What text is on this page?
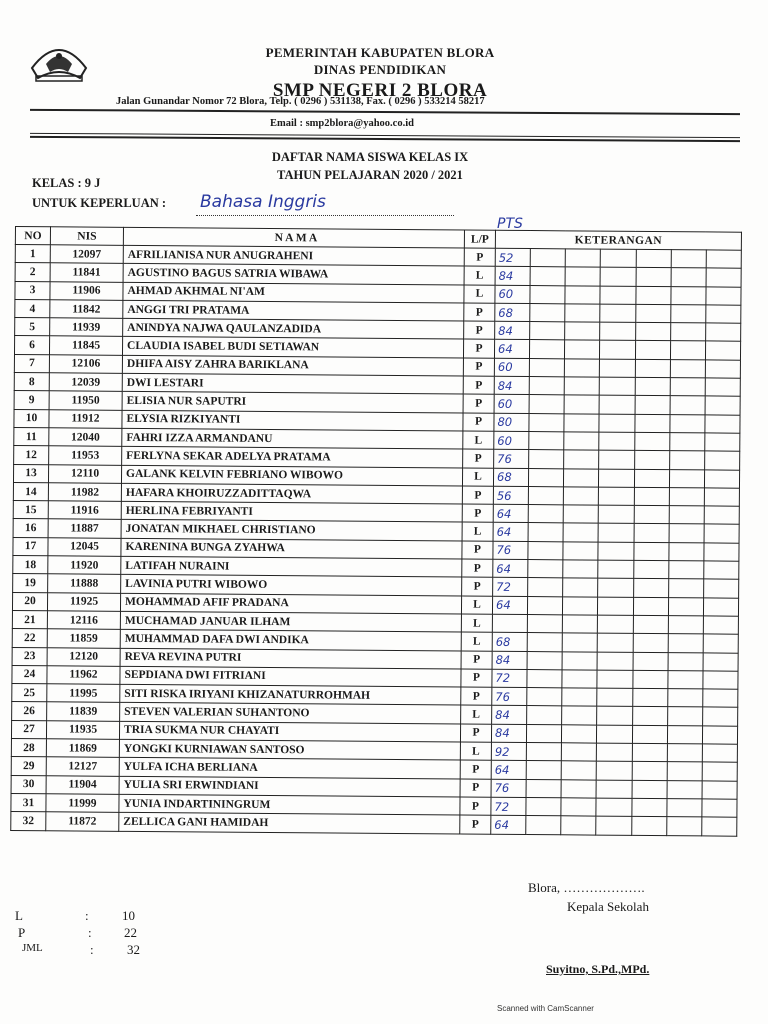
PEMERINTAH KABUPATEN BLORA
DINAS PENDIDIKAN
SMP NEGERI 2 BLORA
Jalan Gunandar Nomor 72 Blora, Telp. ( 0296 ) 531138, Fax. ( 0296 ) 533214 58217
Email : smp2blora@yahoo.co.id
DAFTAR NAMA SISWA KELAS IX
TAHUN PELAJARAN 2020 / 2021
KELAS : 9 J
UNTUK KEPERLUAN : Bahasa Inggris
PTS
NO	NIS	N A M A	L/P	KETERANGAN						
1	12097	AFRILIANISA NUR ANUGRAHENI	P	52						
2	11841	AGUSTINO BAGUS SATRIA WIBAWA	L	84						
3	11906	AHMAD AKHMAL NI'AM	L	60						
4	11842	ANGGI TRI PRATAMA	P	68						
5	11939	ANINDYA NAJWA QAULANZADIDA	P	84						
6	11845	CLAUDIA ISABEL BUDI SETIAWAN	P	64						
7	12106	DHIFA AISY ZAHRA BARIKLANA	P	60						
8	12039	DWI LESTARI	P	84						
9	11950	ELISIA NUR SAPUTRI	P	60						
10	11912	ELYSIA RIZKIYANTI	P	80						
11	12040	FAHRI IZZA ARMANDANU	L	60						
12	11953	FERLYNA SEKAR ADELYA PRATAMA	P	76						
13	12110	GALANK KELVIN FEBRIANO WIBOWO	L	68						
14	11982	HAFARA KHOIRUZZADITTAQWA	P	56						
15	11916	HERLINA FEBRIYANTI	P	64						
16	11887	JONATAN MIKHAEL CHRISTIANO	L	64						
17	12045	KARENINA BUNGA ZYAHWA	P	76						
18	11920	LATIFAH NURAINI	P	64						
19	11888	LAVINIA PUTRI WIBOWO	P	72						
20	11925	MOHAMMAD AFIF PRADANA	L	64						
21	12116	MUCHAMAD JANUAR ILHAM	L							
22	11859	MUHAMMAD DAFA DWI ANDIKA	L	68						
23	12120	REVA REVINA PUTRI	P	84						
24	11962	SEPDIANA DWI FITRIANI	P	72						
25	11995	SITI RISKA IRIYANI KHIZANATURROHMAH	P	76						
26	11839	STEVEN VALERIAN SUHANTONO	L	84						
27	11935	TRIA SUKMA NUR CHAYATI	P	84						
28	11869	YONGKI KURNIAWAN SANTOSO	L	92						
29	12127	YULFA ICHA BERLIANA	P	64						
30	11904	YULIA SRI ERWINDIANI	P	76						
31	11999	YUNIA INDARTININGRUM	P	72						
32	11872	ZELLICA GANI HAMIDAH	P	64						
L	:	10
P	: 22
JML	:	32
Blora, ……………….
Kepala Sekolah
Suyitno, S.Pd.,MPd.
Scanned with CamScanner
